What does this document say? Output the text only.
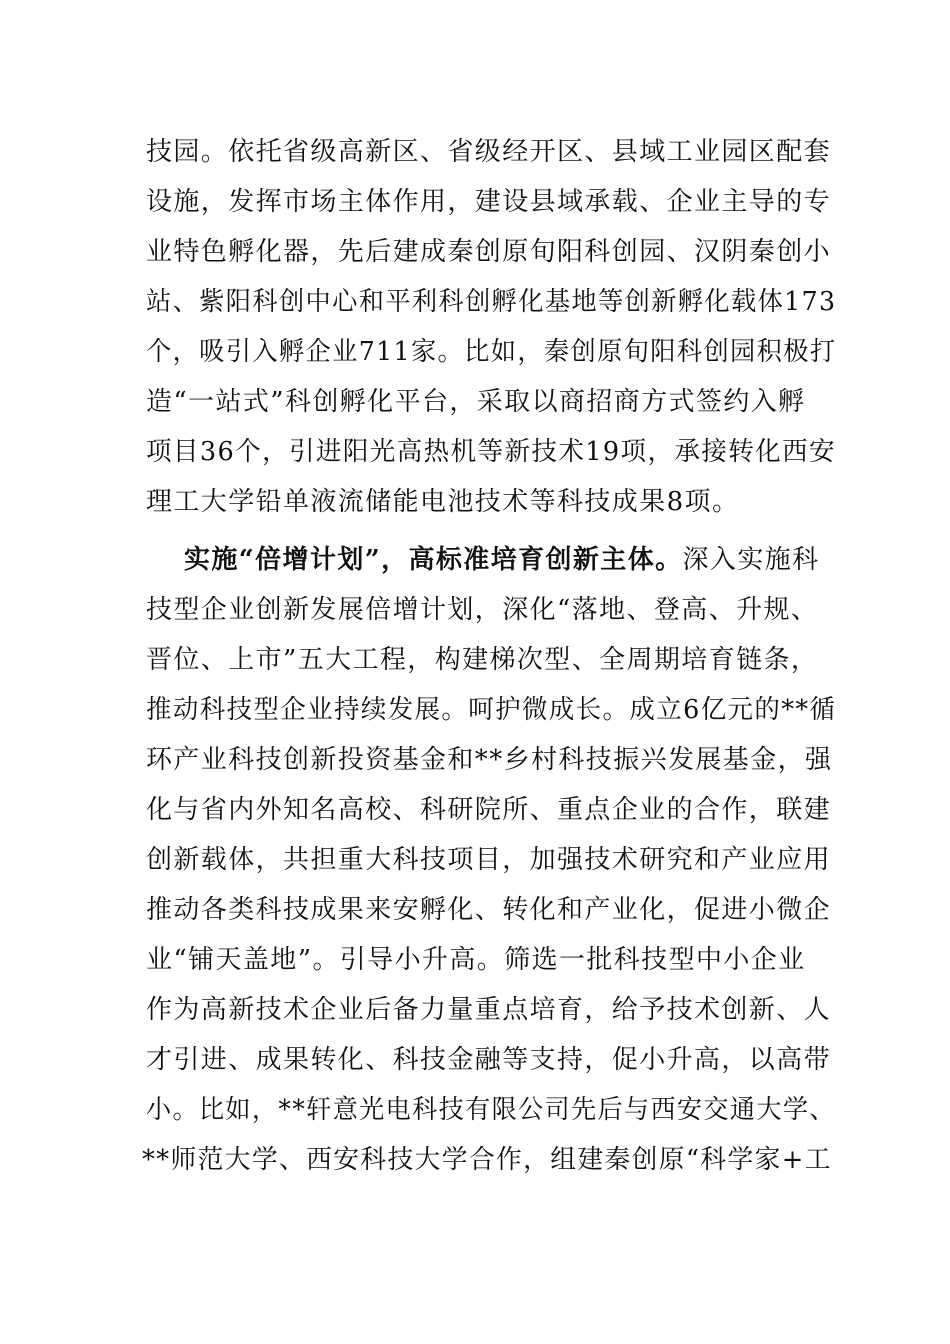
技园。依托省级高新区、省级经开区、县域工业园区配套
设施，发挥市场主体作用，建设县域承载、企业主导的专
业特色孵化器，先后建成秦创原旬阳科创园、汉阴秦创小
站、紫阳科创中心和平利科创孵化基地等创新孵化载体173
个，吸引入孵企业711家。比如，秦创原旬阳科创园积极打
造“一站式”科创孵化平台，采取以商招商方式签约入孵
项目36个，引进阳光高热机等新技术19项，承接转化西安
理工大学铅单液流储能电池技术等科技成果8项。
实施“倍增计划”，高标准培育创新主体。深入实施科
技型企业创新发展倍增计划，深化“落地、登高、升规、
晋位、上市”五大工程，构建梯次型、全周期培育链条，
推动科技型企业持续发展。呵护微成长。成立6亿元的**循
环产业科技创新投资基金和**乡村科技振兴发展基金，强
化与省内外知名高校、科研院所、重点企业的合作，联建
创新载体，共担重大科技项目，加强技术研究和产业应用
推动各类科技成果来安孵化、转化和产业化，促进小微企
业“铺天盖地”。引导小升高。筛选一批科技型中小企业
作为高新技术企业后备力量重点培育，给予技术创新、人
才引进、成果转化、科技金融等支持，促小升高，以高带
小。比如，**轩意光电科技有限公司先后与西安交通大学、
**师范大学、西安科技大学合作，组建秦创原“科学家+工
